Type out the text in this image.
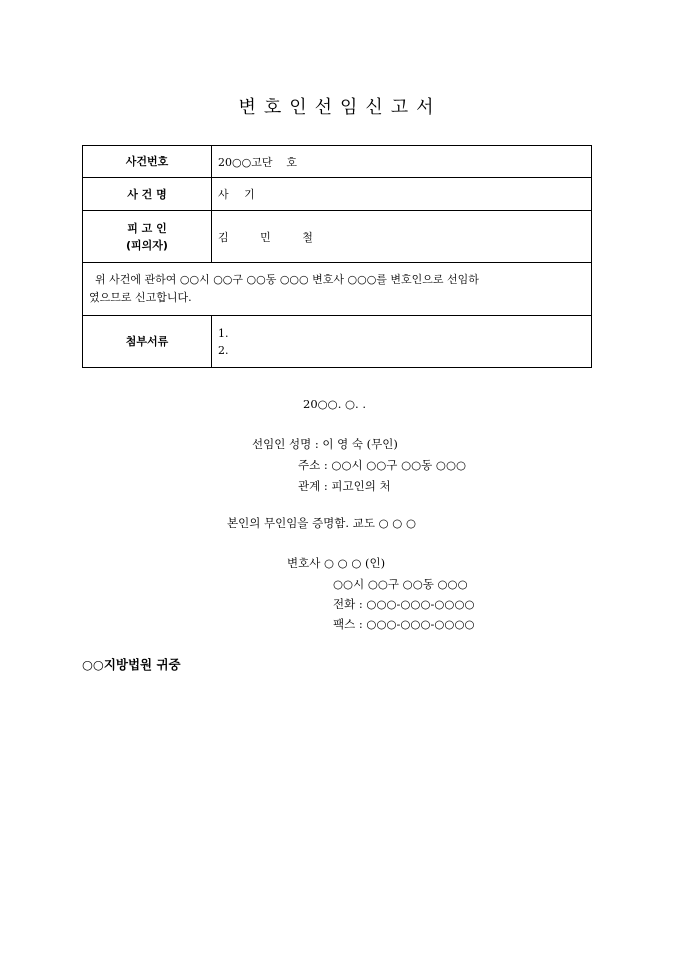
변호인선임신고서
사건번호	20○○고단    호
사 건 명	사 기

피 고 인
(피의자)	김 민 철

위 사건에 관하여 ○○시 ○○구 ○○동 ○○○ 변호사 ○○○를 변호인으로 선임하
였으므로 신고합니다.	

첨부서류	1.
2.
20○○. ○. .
선임인 성명 : 이 영 숙 (무인)
주소 : ○○시 ○○구 ○○동 ○○○
관계 : 피고인의 처
본인의 무인임을 증명함. 교도 ○ ○ ○
변호사 ○ ○ ○ (인)
○○시 ○○구 ○○동 ○○○
전화 : ○○○-○○○-○○○○
팩스 : ○○○-○○○-○○○○
○○지방법원 귀중
